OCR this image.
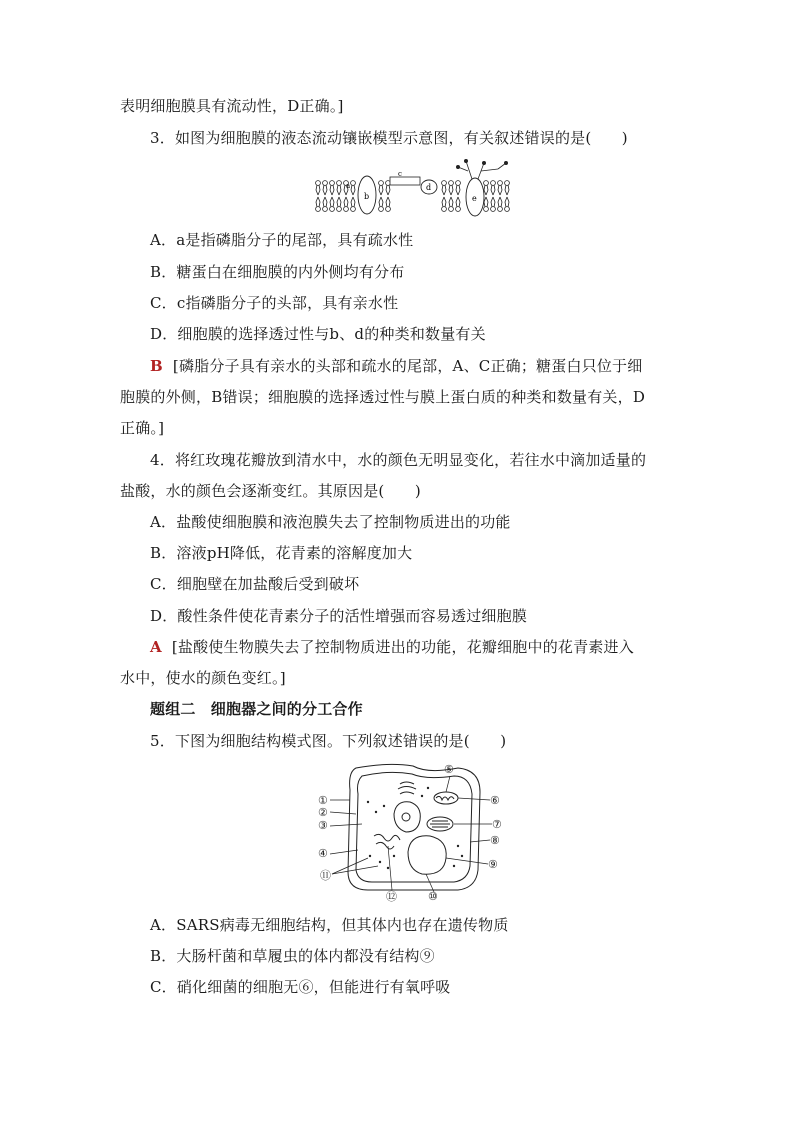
表明细胞膜具有流动性，D正确。]
3．如图为细胞膜的液态流动镶嵌模型示意图，有关叙述错误的是(　　)
b
c
d
e
a
A．a是指磷脂分子的尾部，具有疏水性
B．糖蛋白在细胞膜的内外侧均有分布
C．c指磷脂分子的头部，具有亲水性
D．细胞膜的选择透过性与b、d的种类和数量有关
B [磷脂分子具有亲水的头部和疏水的尾部，A、C正确；糖蛋白只位于细
胞膜的外侧，B错误；细胞膜的选择透过性与膜上蛋白质的种类和数量有关，D
正确。]
4．将红玫瑰花瓣放到清水中，水的颜色无明显变化，若往水中滴加适量的
盐酸，水的颜色会逐渐变红。其原因是(　　)
A．盐酸使细胞膜和液泡膜失去了控制物质进出的功能
B．溶液pH降低，花青素的溶解度加大
C．细胞壁在加盐酸后受到破坏
D．酸性条件使花青素分子的活性增强而容易透过细胞膜
A [盐酸使生物膜失去了控制物质进出的功能，花瓣细胞中的花青素进入
水中，使水的颜色变红。]
题组二　细胞器之间的分工合作
5．下图为细胞结构模式图。下列叙述错误的是(　　)
①
②
③
④
⑤
⑥
⑦
⑧
⑨
⑩
⑪
⑫
A．SARS病毒无细胞结构，但其体内也存在遗传物质
B．大肠杆菌和草履虫的体内都没有结构⑨
C．硝化细菌的细胞无⑥，但能进行有氧呼吸
